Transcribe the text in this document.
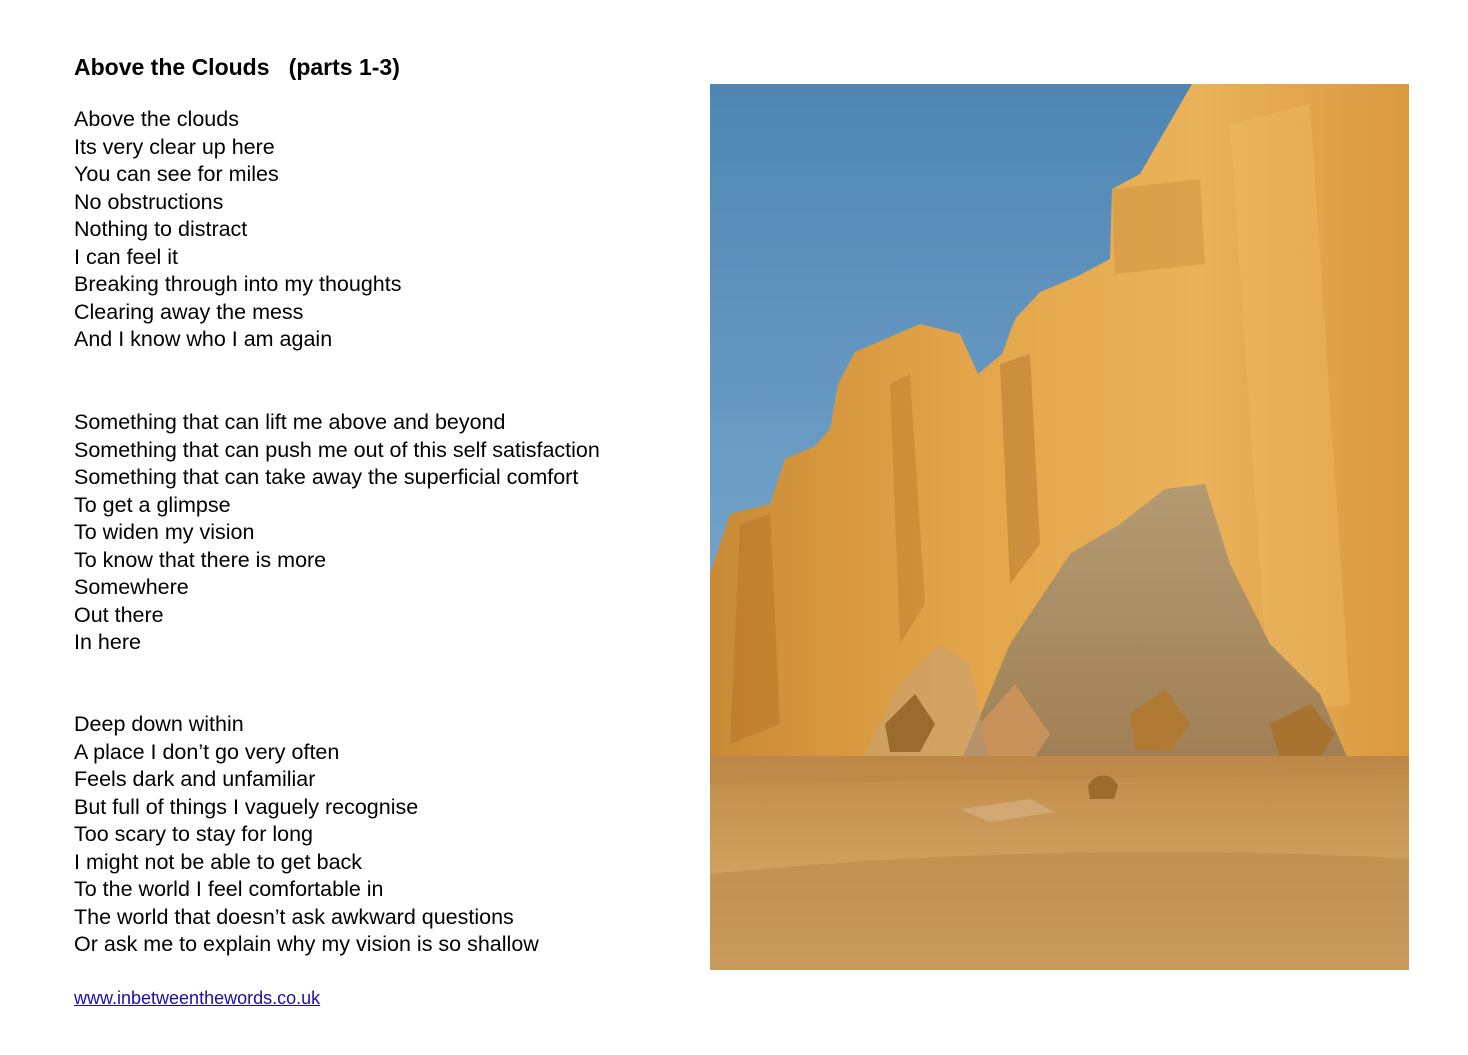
Above the Clouds   (parts 1-3)
Above the clouds
Its very clear up here
You can see for miles
No obstructions
Nothing to distract
I can feel it
Breaking through into my thoughts
Clearing away the mess
And I know who I am again
Something that can lift me above and beyond
Something that can push me out of this self satisfaction
Something that can take away the superficial comfort
To get a glimpse
To widen my vision
To know that there is more
Somewhere
Out there
In here
Deep down within
A place I don’t go very often
Feels dark and unfamiliar
But full of things I vaguely recognise
Too scary to stay for long
I might not be able to get back
To the world I feel comfortable in
The world that doesn’t ask awkward questions
Or ask me to explain why my vision is so shallow
www.inbetweenthewords.co.uk
